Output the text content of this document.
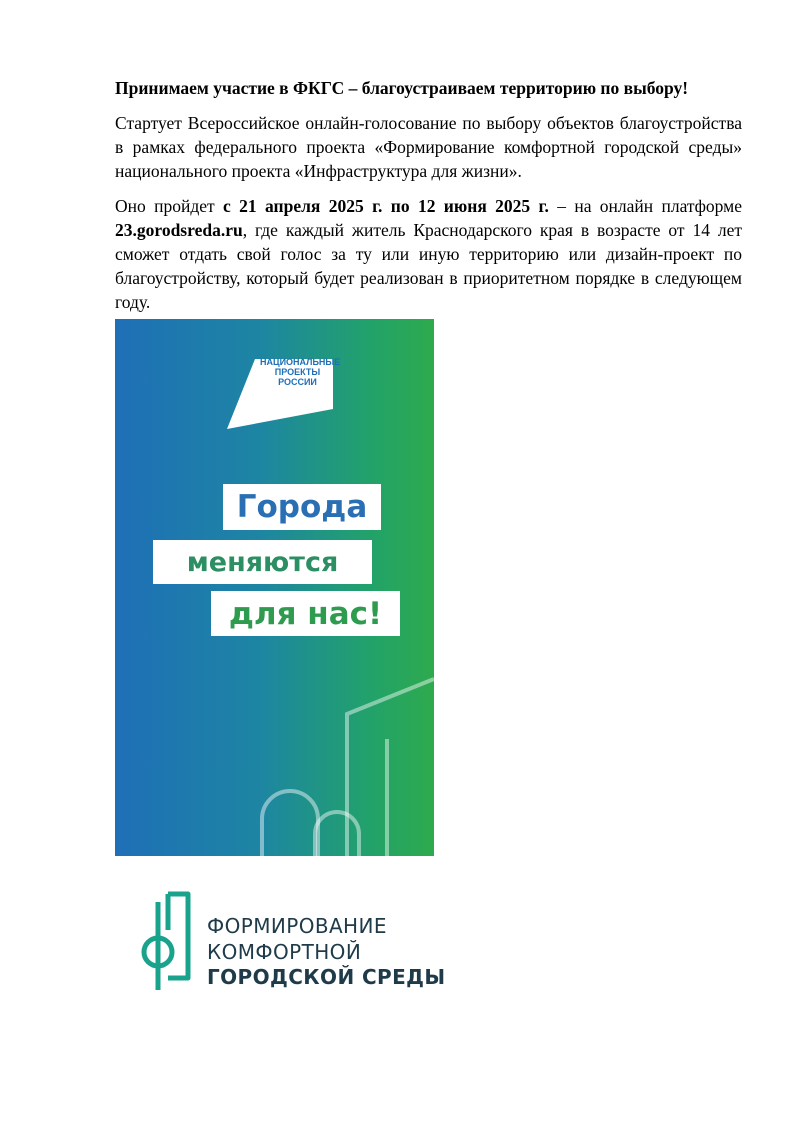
Принимаем участие в ФКГС – благоустраиваем территорию по выбору!

Стартует Всероссийское онлайн-голосование по выбору объектов благоустройства в рамках федерального проекта «Формирование комфортной городской среды» национального проекта «Инфраструктура для жизни».

Оно пройдет с 21 апреля 2025 г. по 12 июня 2025 г. – на онлайн платформе 23.gorodsreda.ru, где каждый житель Краснодарского края в возрасте от 14 лет сможет отдать свой голос за ту или иную территорию или дизайн-проект по благоустройству, который будет реализован в приоритетном порядке в следующем году.

НАЦИОНАЛЬНЫЕ
ПРОЕКТЫ
РОССИИ
Города
меняются
для нас!
ФОРМИРОВАНИЕ
КОМФОРТНОЙ
ГОРОДСКОЙ СРЕДЫ
